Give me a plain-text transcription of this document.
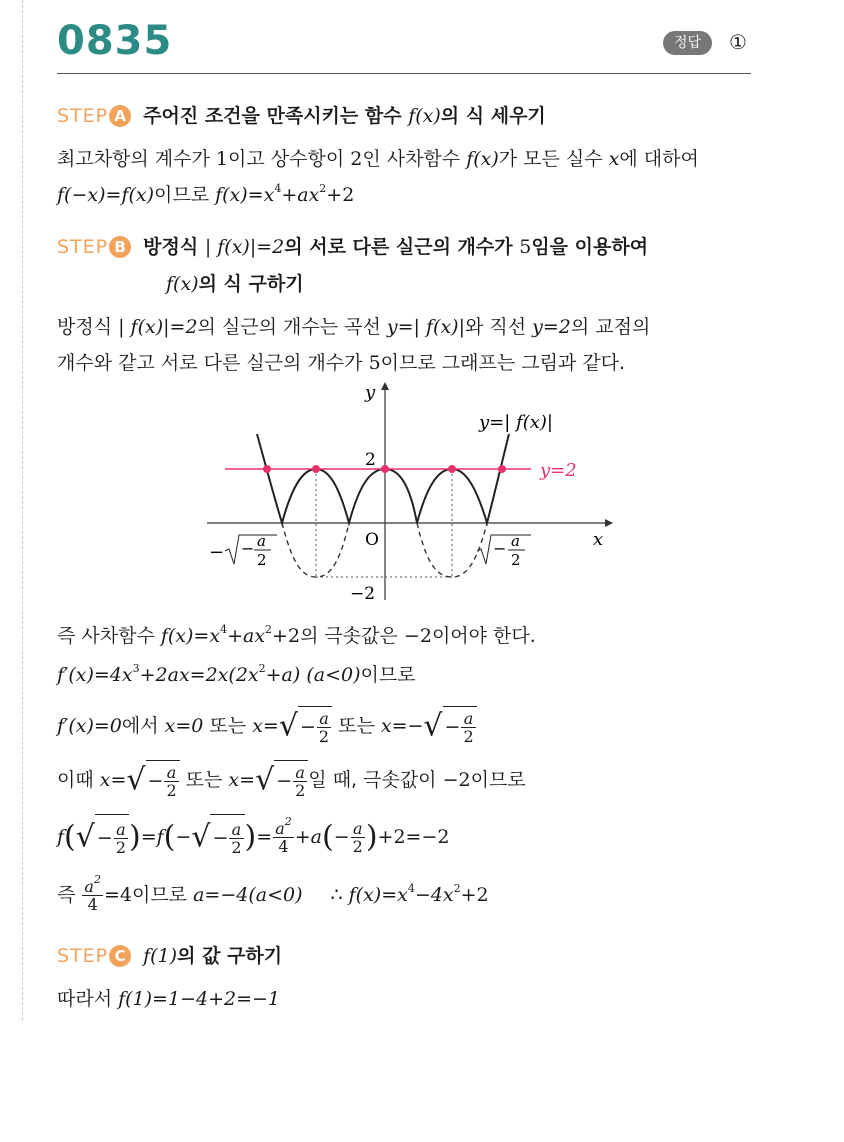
0835	정답	①
STEP A 주어진 조건을 만족시키는 함수 f(x)의 식 세우기
최고차항의 계수가 1이고 상수항이 2인 사차함수 f(x)가 모든 실수 x에 대하여
f(−x)=f(x)이므로 $f(x)=x^4+ax^2+2$
STEP B 방정식 | f(x)|=2의 서로 다른 실근의 개수가 5임을 이용하여
f(x)의 식 구하기
방정식 | f(x)|=2의 실근의 개수는 곡선 y=| f(x)|와 직선 y=2의 교점의
개수와 같고 서로 다른 실근의 개수가 5이므로 그래프는 그림과 같다.
y
x
O
2
−2
y=| f(x)|
y=2
− − a
2
− a
2
즉 사차함수 $f(x)=x^4+ax^2+2$의 극솟값은 −2이어야 한다.
$f'(x)=4x^3+2ax=2x(2x^2+a)$ (a<0)이므로
f′(x)=0에서 x=0 또는 $x=√ - \frac{a}{2}$ 또는 $x=-√ - \frac{a}{2}$
이때 $x=√ - \frac{a}{2}$ 또는 $x=√ - \frac{a}{2}$ 일 때, 극솟값이 −2이므로
$f(√ - \frac{a}{2} )=f(-√ - \frac{a}{2}$ )= $\frac{a^2}{4} +a(- \frac{a}{2} )+2=-2$
즉 $\frac{a^2}{4} =4$이므로 a=−4(a<0) ∴ $f(x)=x^4-4x^2+2$
STEP C f(1)의 값 구하기
따라서 f(1)=1−4+2=−1
